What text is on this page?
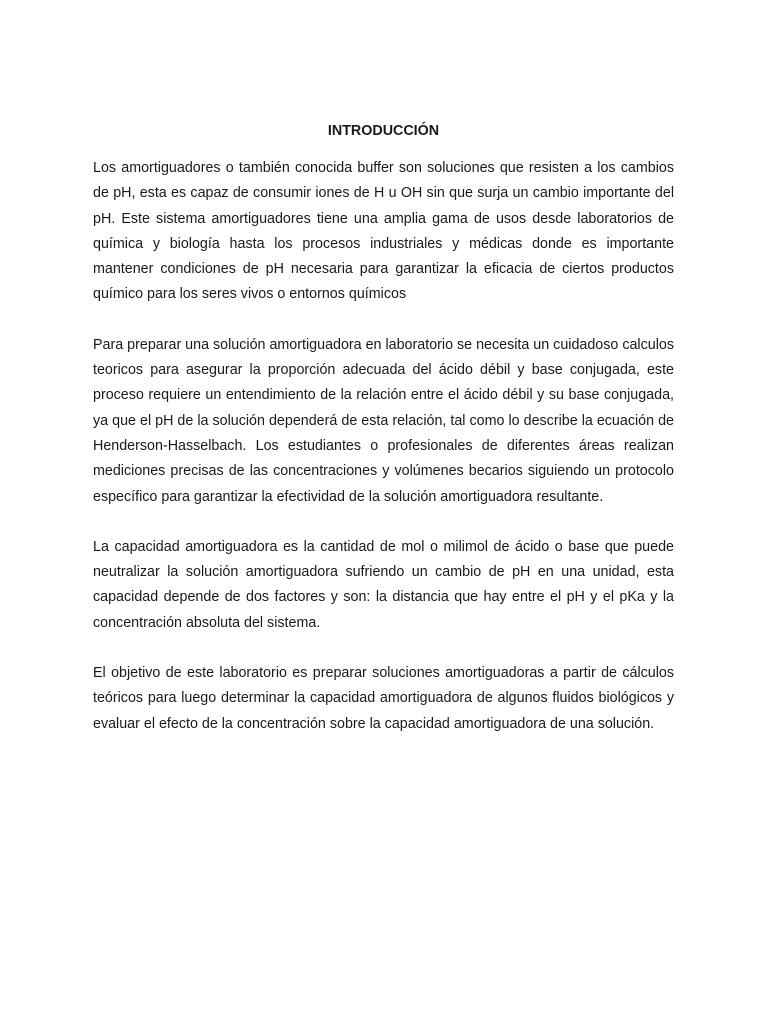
INTRODUCCIÓN

Los amortiguadores o también conocida buffer son soluciones que resisten a los cambios de pH, esta es capaz de consumir iones de H u OH sin que surja un cambio importante del pH. Este sistema amortiguadores tiene una amplia gama de usos desde laboratorios de química y biología hasta los procesos industriales y médicas donde es importante mantener condiciones de pH necesaria para garantizar la eficacia de ciertos productos químico para los seres vivos o entornos químicos

Para preparar una solución amortiguadora en laboratorio se necesita un cuidadoso calculos teoricos para asegurar la proporción adecuada del ácido débil y base conjugada, este proceso requiere un entendimiento de la relación entre el ácido débil y su base conjugada, ya que el pH de la solución dependerá de esta relación, tal como lo describe la ecuación de Henderson-Hasselbach. Los estudiantes o profesionales de diferentes áreas realizan mediciones precisas de las concentraciones y volúmenes becarios siguiendo un protocolo específico para garantizar la efectividad de la solución amortiguadora resultante.

La capacidad amortiguadora es la cantidad de mol o milimol de ácido o base que puede neutralizar la solución amortiguadora sufriendo un cambio de pH en una unidad, esta capacidad depende de dos factores y son: la distancia que hay entre el pH y el pKa y la concentración absoluta del sistema.

El objetivo de este laboratorio es preparar soluciones amortiguadoras a partir de cálculos teóricos para luego determinar la capacidad amortiguadora de algunos fluidos biológicos y evaluar el efecto de la concentración sobre la capacidad amortiguadora de una solución.
